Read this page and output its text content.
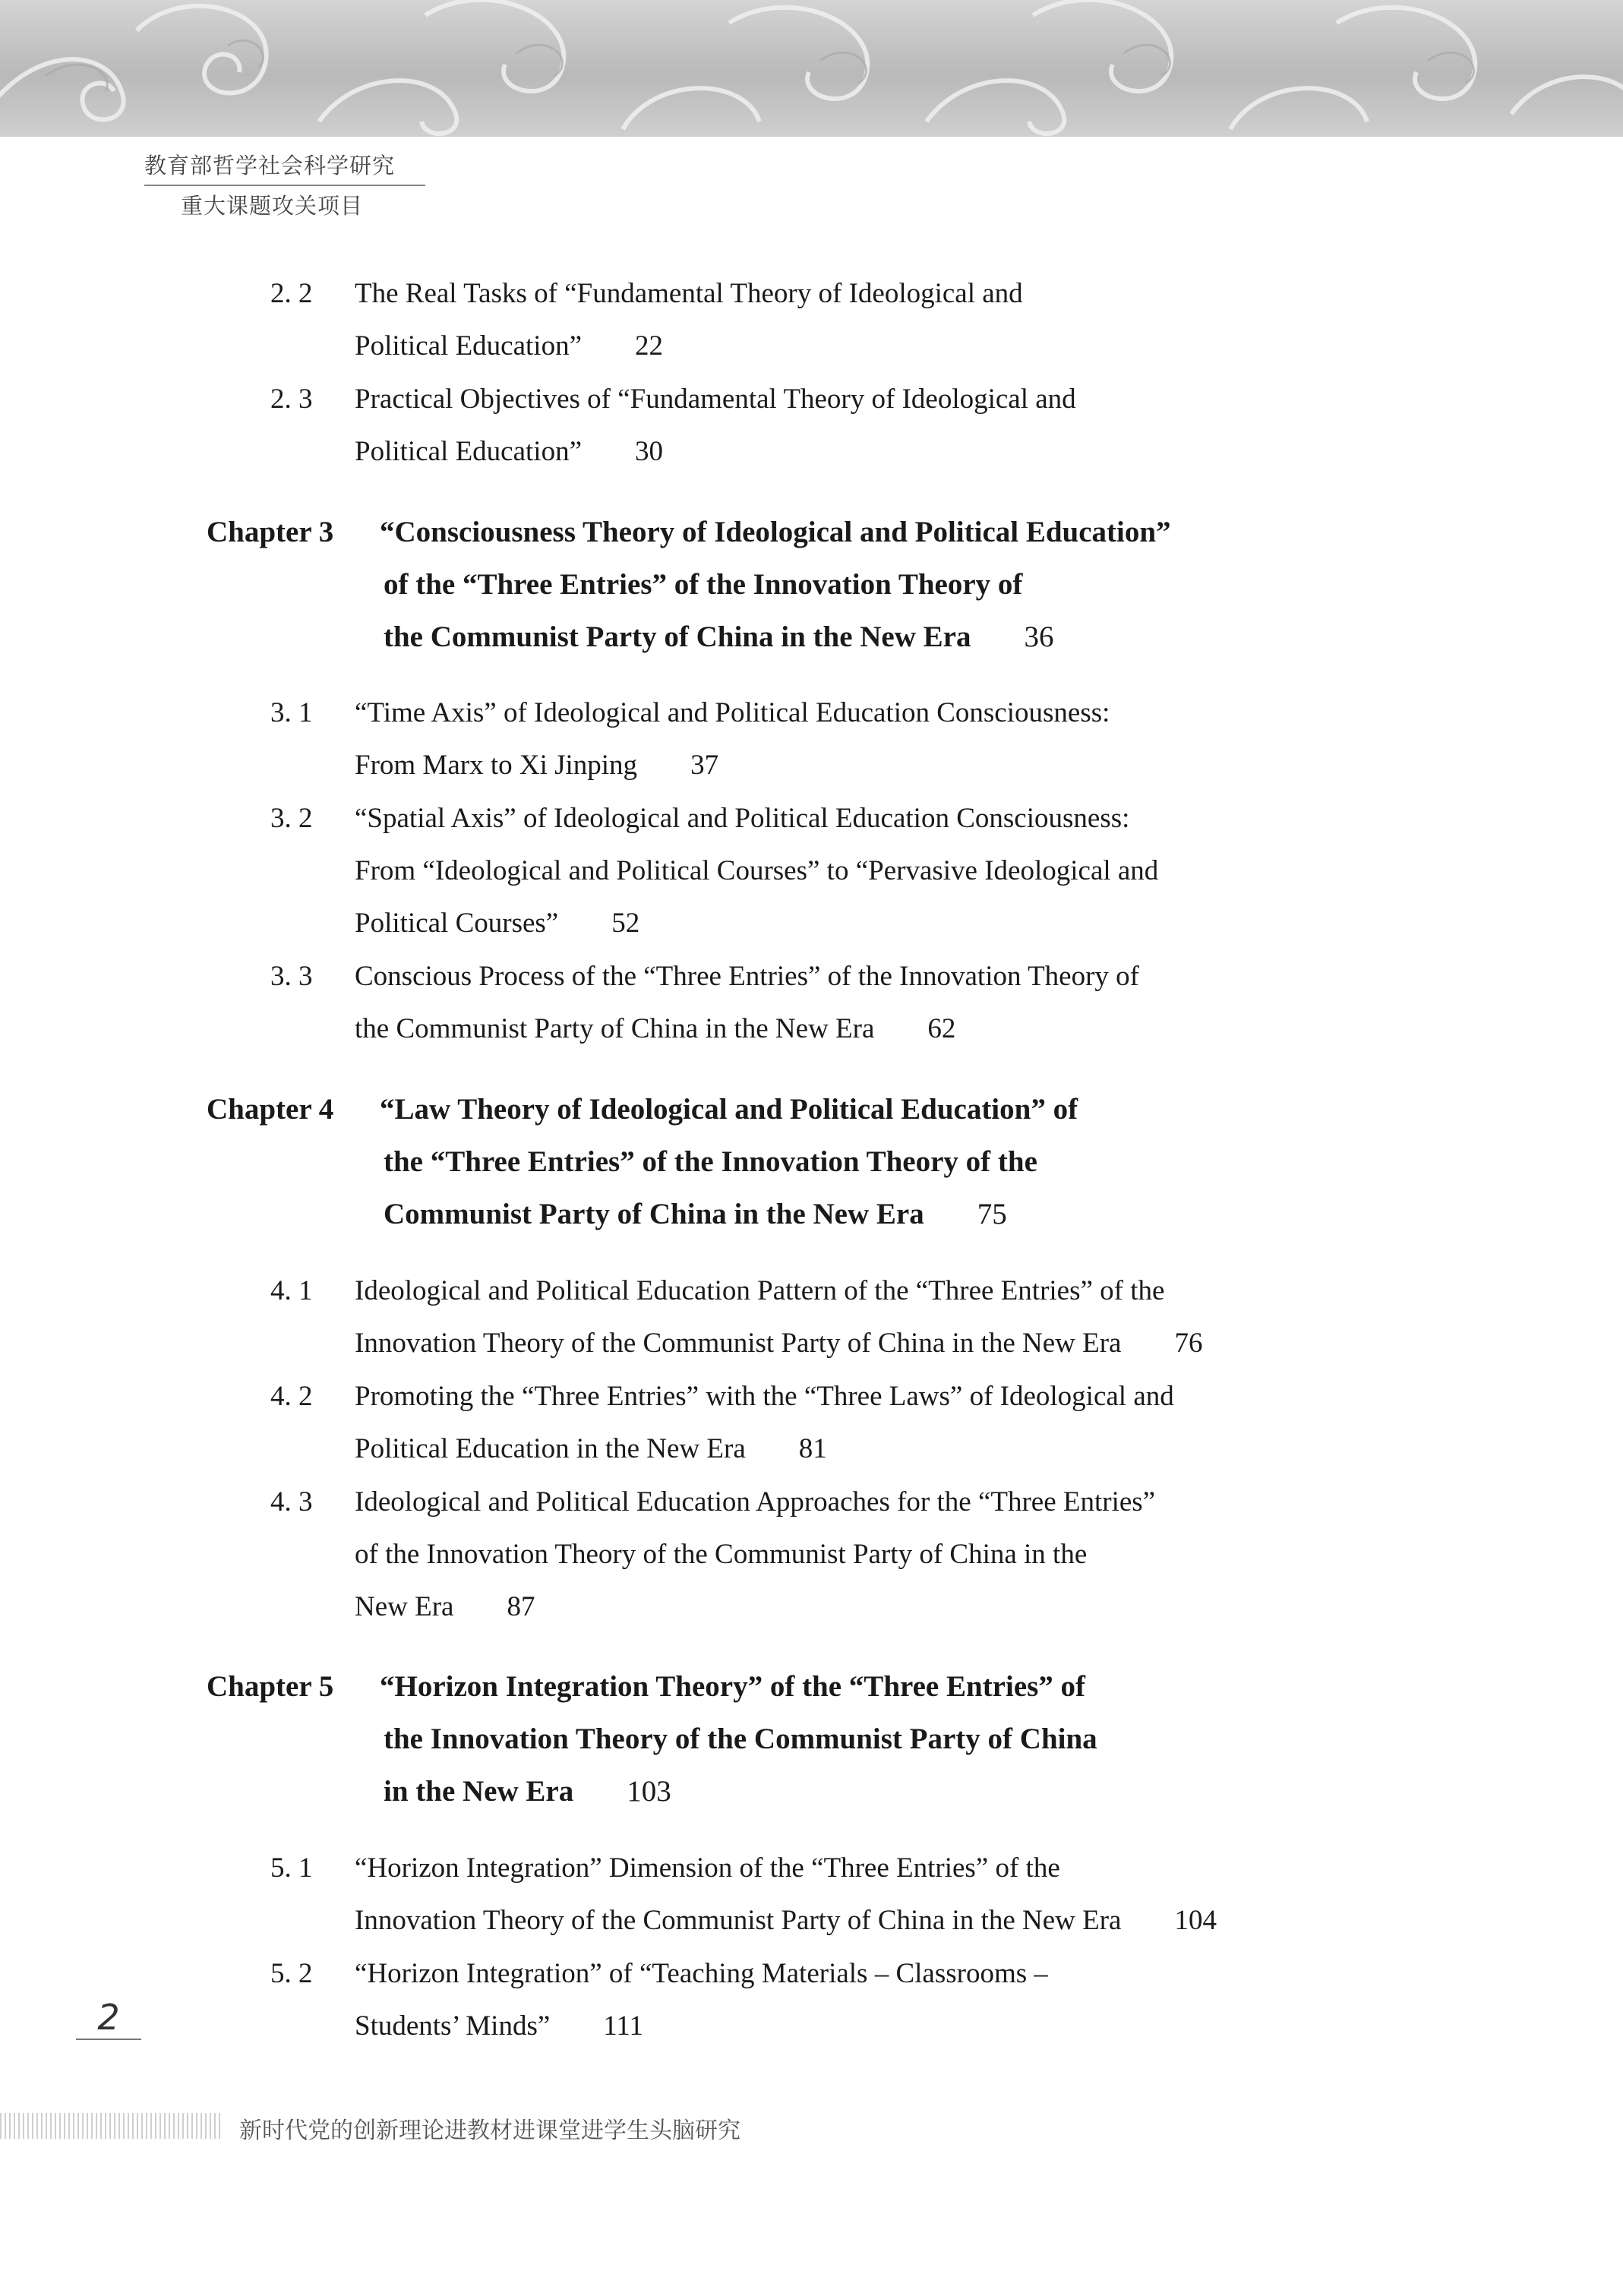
教育部哲学社会科学研究
重大课题攻关项目
2. 2 The Real Tasks of “Fundamental Theory of Ideological and
Political Education” 22
2. 3 Practical Objectives of “Fundamental Theory of Ideological and
Political Education” 30
Chapter 3 “Consciousness Theory of Ideological and Political Education”
of the “Three Entries” of the Innovation Theory of
the Communist Party of China in the New Era 36
3. 1 “Time Axis” of Ideological and Political Education Consciousness:
From Marx to Xi Jinping 37
3. 2 “Spatial Axis” of Ideological and Political Education Consciousness:
From “Ideological and Political Courses” to “Pervasive Ideological and
Political Courses” 52
3. 3 Conscious Process of the “Three Entries” of the Innovation Theory of
the Communist Party of China in the New Era 62
Chapter 4 “Law Theory of Ideological and Political Education” of
the “Three Entries” of the Innovation Theory of the
Communist Party of China in the New Era 75
4. 1 Ideological and Political Education Pattern of the “Three Entries” of the
Innovation Theory of the Communist Party of China in the New Era 76
4. 2 Promoting the “Three Entries” with the “Three Laws” of Ideological and
Political Education in the New Era 81
4. 3 Ideological and Political Education Approaches for the “Three Entries”
of the Innovation Theory of the Communist Party of China in the
New Era 87
Chapter 5 “Horizon Integration Theory” of the “Three Entries” of
the Innovation Theory of the Communist Party of China
in the New Era 103
5. 1 “Horizon Integration” Dimension of the “Three Entries” of the
Innovation Theory of the Communist Party of China in the New Era 104
5. 2 “Horizon Integration” of “Teaching Materials – Classrooms –
Students’ Minds” 111
2
新时代党的创新理论进教材进课堂进学生头脑研究
